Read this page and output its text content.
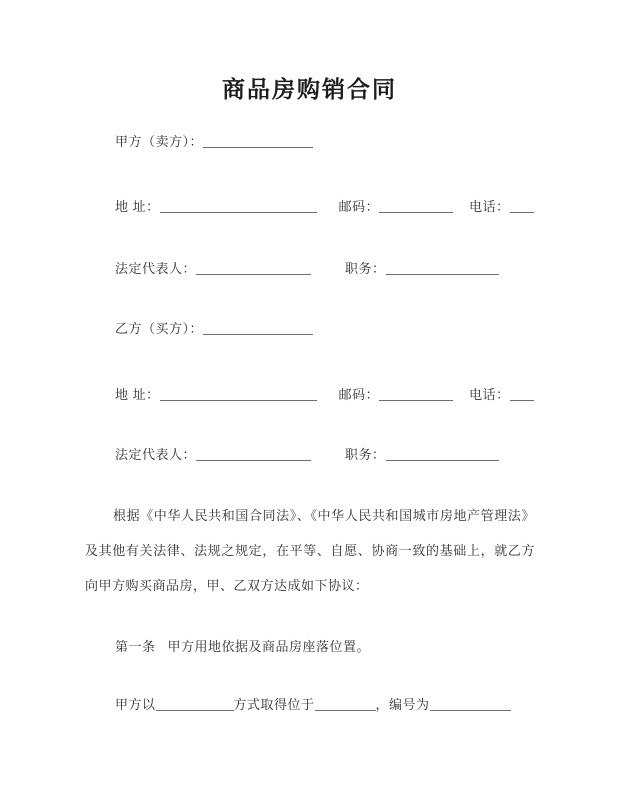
商品房购销合同
甲方（卖方）：
地 址：	邮码：	电话：
法定代表人：	职务：
乙方（买方）：
地 址：	邮码：	电话：
法定代表人：	职务：

根据《中华人民共和国合同法》、《中华人民共和国城市房地产管理法》及其他有关法律、法规之规定，在平等、自愿、协商一致的基础上，就乙方向甲方购买商品房，甲、乙双方达成如下协议：

第一条 甲方用地依据及商品房座落位置。
甲方以	方式取得位于	，编号为
